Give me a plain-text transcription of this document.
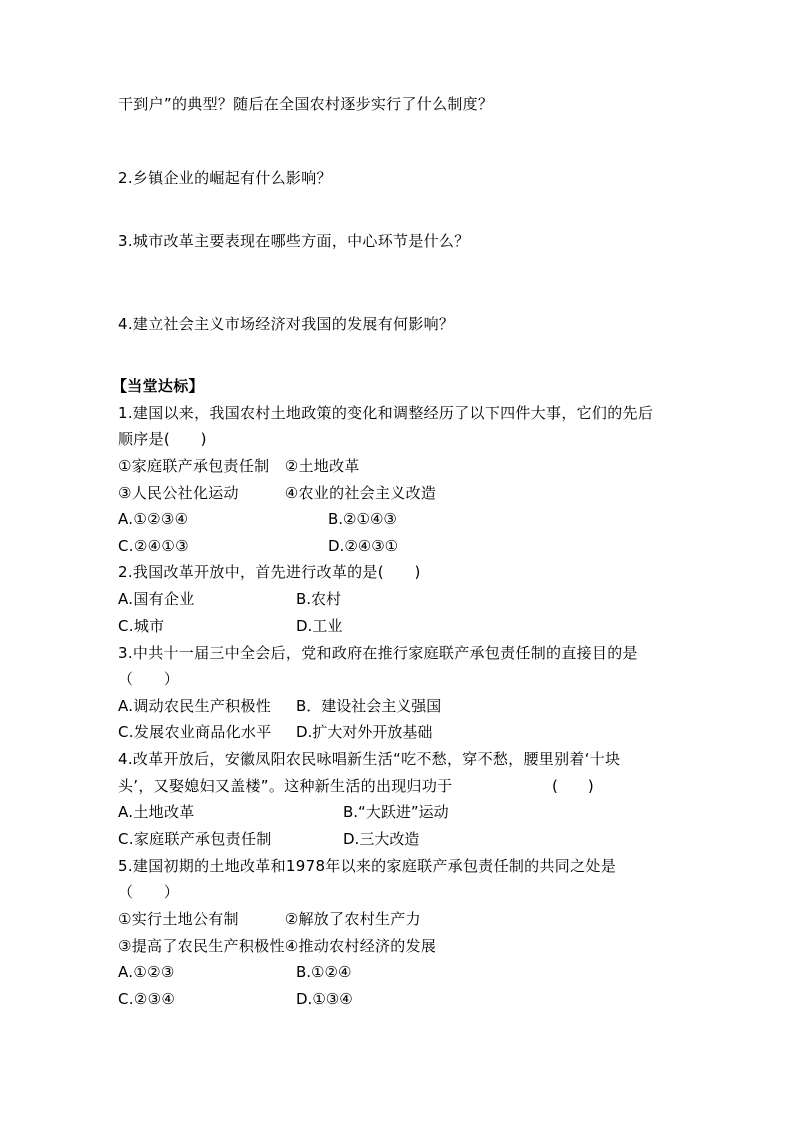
干到户”的典型？随后在全国农村逐步实行了什么制度？
2.乡镇企业的崛起有什么影响？
3.城市改革主要表现在哪些方面，中心环节是什么？
4.建立社会主义市场经济对我国的发展有何影响？
【当堂达标】
1.建国以来，我国农村土地政策的变化和调整经历了以下四件大事，它们的先后
顺序是(　　)
①家庭联产承包责任制　②土地改革
③人民公社化运动　　　④农业的社会主义改造
A.①②③④	B.②①④③
C.②④①③	D.②④③①
2.我国改革开放中，首先进行改革的是(　　)
A.国有企业	B.农村
C.城市	D.工业
3.中共十一届三中全会后，党和政府在推行家庭联产承包责任制的直接目的是
（　　）
A.调动农民生产积极性 B．建设社会主义强国
C.发展农业商品化水平 D.扩大对外开放基础
4.改革开放后，安徽凤阳农民咏唱新生活“吃不愁，穿不愁，腰里别着‘十块
头’，又娶媳妇又盖楼”。这种新生活的出现归功于	(　　)
A.土地改革	B.“大跃进”运动
C.家庭联产承包责任制	D.三大改造
5.建国初期的土地改革和1978年以来的家庭联产承包责任制的共同之处是
（　　）
①实行土地公有制　　　②解放了农村生产力
③提高了农民生产积极性④推动农村经济的发展
A.①②③	B.①②④
C.②③④	D.①③④
